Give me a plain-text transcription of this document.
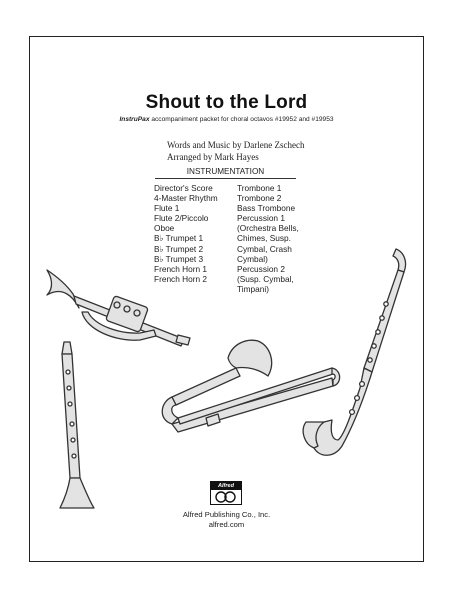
Shout to the Lord
InstruPax accompaniment packet for choral octavos #19952 and #19953
Words and Music by Darlene Zschech
Arranged by Mark Hayes
INSTRUMENTATION
Director's Score
4-Master Rhythm
Flute 1
Flute 2/Piccolo
Oboe
B♭ Trumpet 1
B♭ Trumpet 2
B♭ Trumpet 3
French Horn 1
French Horn 2
Trombone 1
Trombone 2
Bass Trombone
Percussion 1
(Orchestra Bells,
Chimes, Susp.
Cymbal, Crash
Cymbal)
Percussion 2
(Susp. Cymbal,
Timpani)
Alfred
Alfred Publishing Co., Inc.
alfred.com
